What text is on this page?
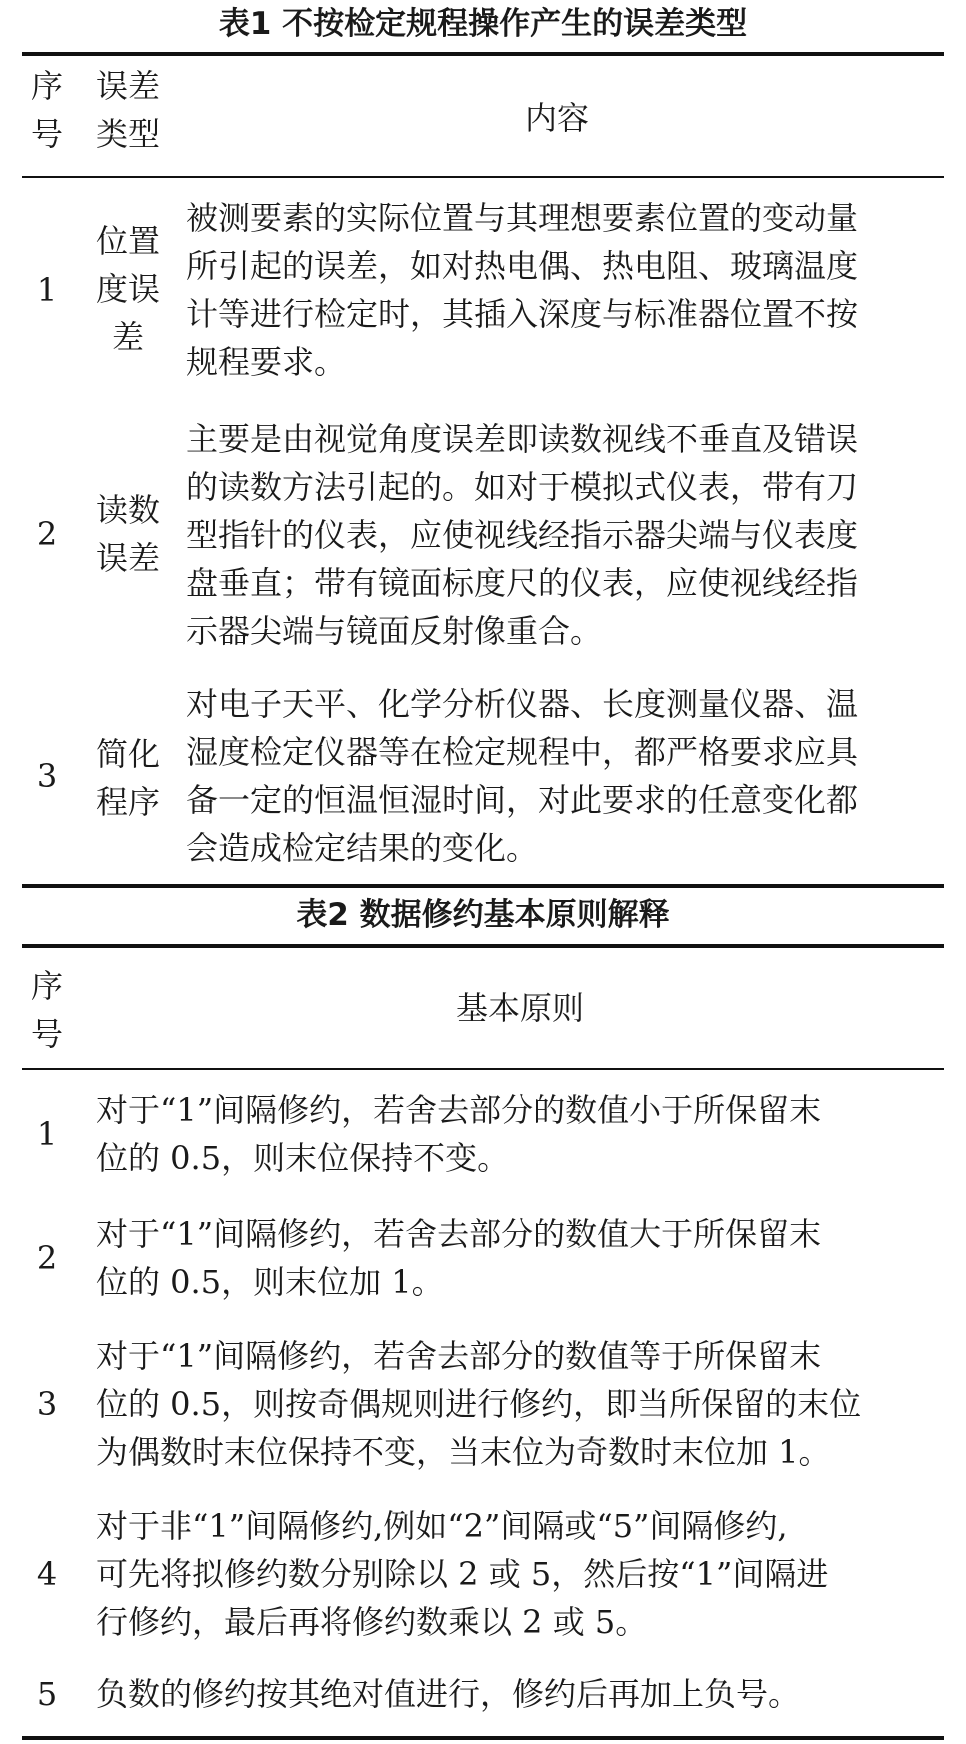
表1 不按检定规程操作产生的误差类型
序
号
误差
类型	内容
1
位置
度误
差
被测要素的实际位置与其理想要素位置的变动量
所引起的误差，如对热电偶、热电阻、玻璃温度
计等进行检定时，其插入深度与标准器位置不按
规程要求。
2
读数
误差
主要是由视觉角度误差即读数视线不垂直及错误
的读数方法引起的。如对于模拟式仪表，带有刀
型指针的仪表，应使视线经指示器尖端与仪表度
盘垂直；带有镜面标度尺的仪表，应使视线经指
示器尖端与镜面反射像重合。
3
简化
程序
对电子天平、化学分析仪器、长度测量仪器、温
湿度检定仪器等在检定规程中，都严格要求应具
备一定的恒温恒湿时间，对此要求的任意变化都
会造成检定结果的变化。
表2 数据修约基本原则解释
序
号
基本原则
1
对于“1”间隔修约，若舍去部分的数值小于所保留末
位的 0.5，则末位保持不变。
2
对于“1”间隔修约，若舍去部分的数值大于所保留末
位的 0.5，则末位加 1。
3
对于“1”间隔修约，若舍去部分的数值等于所保留末
位的 0.5，则按奇偶规则进行修约，即当所保留的末位
为偶数时末位保持不变，当末位为奇数时末位加 1。
4
对于非“1”间隔修约,例如“2”间隔或“5”间隔修约,
可先将拟修约数分别除以 2 或 5，然后按“1”间隔进
行修约，最后再将修约数乘以 2 或 5。
5	负数的修约按其绝对值进行，修约后再加上负号。
